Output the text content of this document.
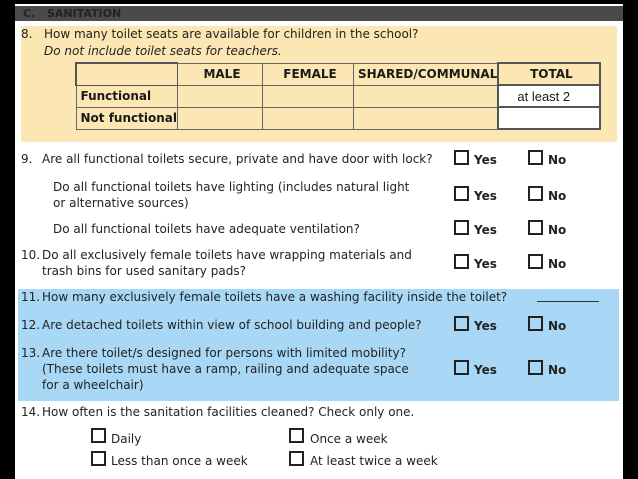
C. SANITATION
8. How many toilet seats are available for children in the school?
Do not include toilet seats for teachers.
	MALE	FEMALE	SHARED/COMMUNAL	TOTAL
Functional				at least 2
Not functional				
9. Are all functional toilets secure, private and have door with lock?	Yes	No
Do all functional toilets have lighting (includes natural light or alternative sources)	Yes	No
Do all functional toilets have adequate ventilation?	Yes	No
10. Do all exclusively female toilets have wrapping materials and trash bins for used sanitary pads?	Yes	No
11. How many exclusively female toilets have a washing facility inside the toilet?
12. Are detached toilets within view of school building and people?	Yes	No
13. Are there toilet/s designed for persons with limited mobility?
(These toilets must have a ramp, railing and adequate space for a wheelchair)
Yes	No
14. How often is the sanitation facilities cleaned? Check only one.
Daily	Once a week
Less than once a week	At least twice a week
